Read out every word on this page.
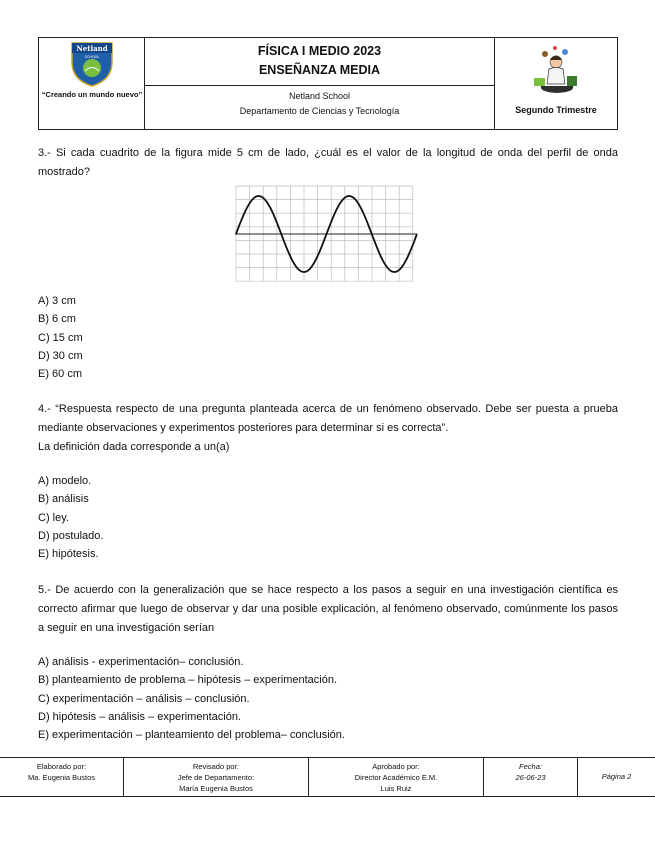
Netland
SCHOOL
“Creando un mundo nuevo”
FÍSICA I MEDIO 2023
ENSEÑANZA MEDIA
Netland School
Departamento de Ciencias y Tecnología	Segundo Trimestre
3.- Si cada cuadrito de la figura mide 5 cm de lado, ¿cuál es el valor de la longitud de onda del perfil de onda mostrado?
A) 3 cm
B) 6 cm
C) 15 cm
D) 30 cm
E) 60 cm
4.- “Respuesta respecto de una pregunta planteada acerca de un fenómeno observado. Debe ser puesta a prueba mediante observaciones y experimentos posteriores para determinar si es correcta”.
La definición dada corresponde a un(a)
A) modelo.
B) análisis
C) ley.
D) postulado.
E) hipótesis.
5.- De acuerdo con la generalización que se hace respecto a los pasos a seguir en una investigación científica es correcto afirmar que luego de observar y dar una posible explicación, al fenómeno observado, comúnmente los pasos a seguir en una investigación serían
A) análisis - experimentación– conclusión.
B) planteamiento de problema – hipótesis – experimentación.
C) experimentación – análisis – conclusión.
D) hipótesis – análisis – experimentación.
E) experimentación – planteamiento del problema– conclusión.
Elaborado por:
Ma. Eugenia Bustos
Revisado por:
Jefe de Departamento:
María Eugenia Bustos
Aprobado por:
Director Académico E.M.
Luis Ruiz
Fecha:
26-06-23	Página 2
